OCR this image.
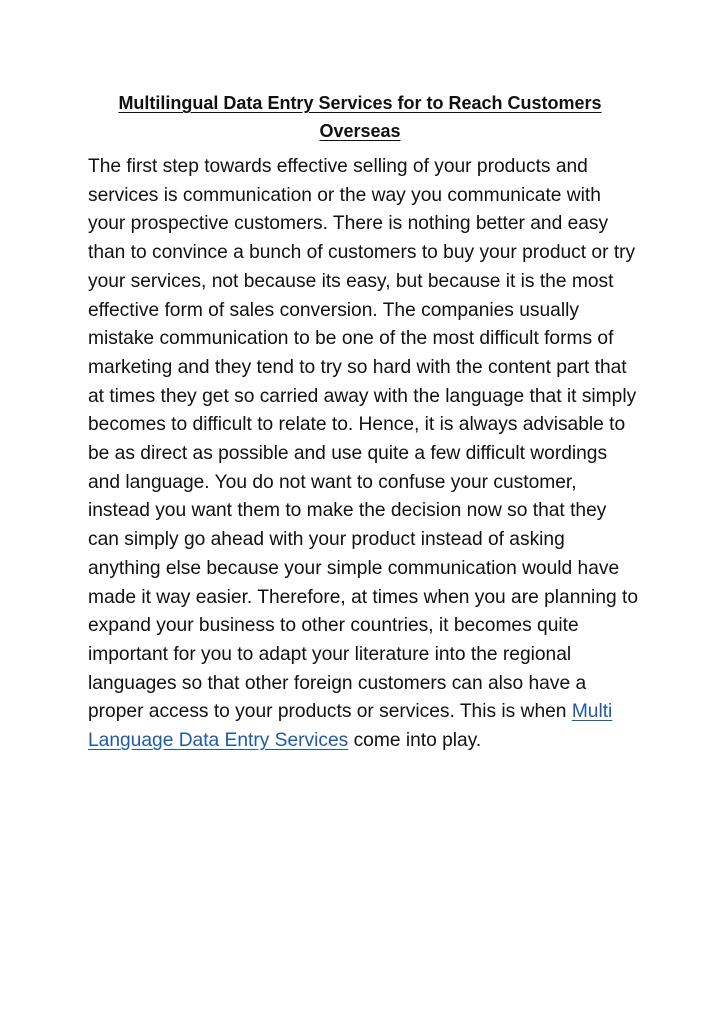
Multilingual Data Entry Services for to Reach Customers Overseas

The first step towards effective selling of your products and services is communication or the way you communicate with your prospective customers. There is nothing better and easy than to convince a bunch of customers to buy your product or try your services, not because its easy, but because it is the most effective form of sales conversion. The companies usually mistake communication to be one of the most difficult forms of marketing and they tend to try so hard with the content part that at times they get so carried away with the language that it simply becomes to difficult to relate to. Hence, it is always advisable to be as direct as possible and use quite a few difficult wordings and language. You do not want to confuse your customer, instead you want them to make the decision now so that they can simply go ahead with your product instead of asking anything else because your simple communication would have made it way easier. Therefore, at times when you are planning to expand your business to other countries, it becomes quite important for you to adapt your literature into the regional languages so that other foreign customers can also have a proper access to your products or services. This is when Multi Language Data Entry Services come into play.
